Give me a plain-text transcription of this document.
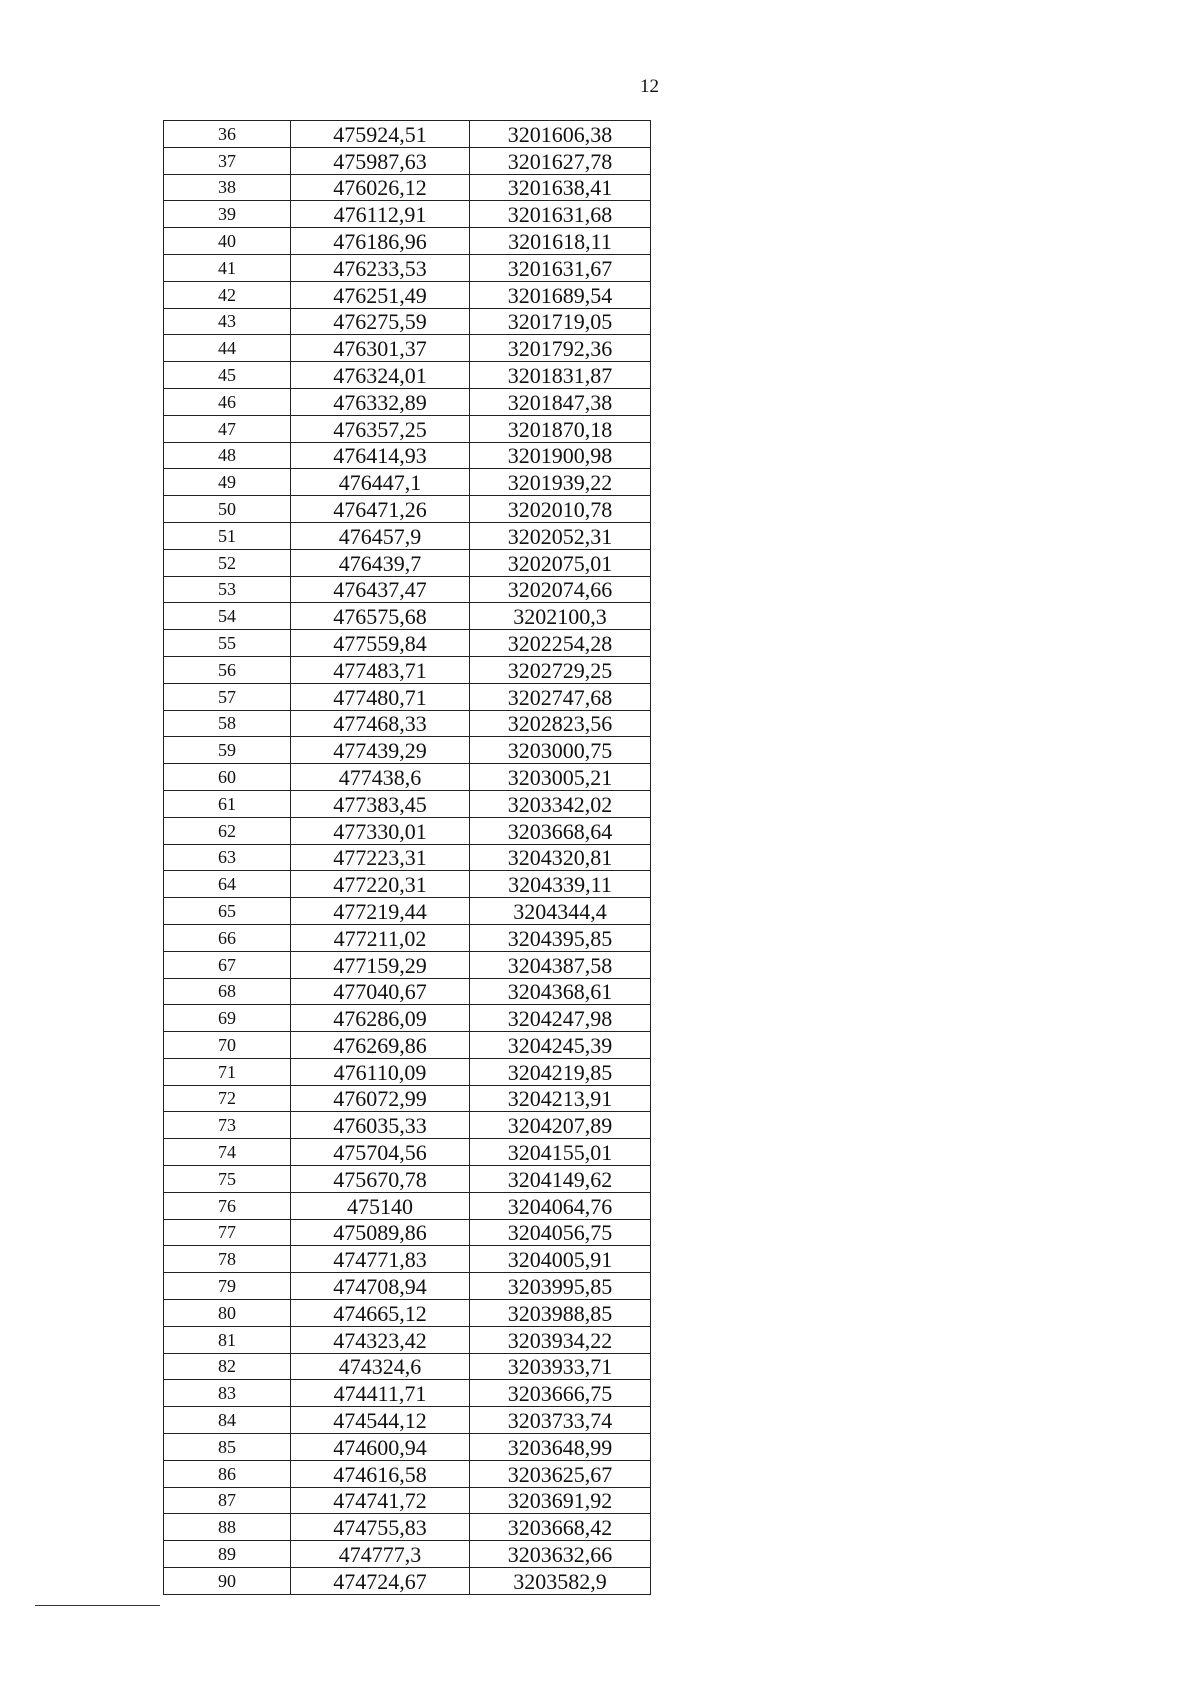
12
36	475924,51	3201606,38
37	475987,63	3201627,78
38	476026,12	3201638,41
39	476112,91	3201631,68
40	476186,96	3201618,11
41	476233,53	3201631,67
42	476251,49	3201689,54
43	476275,59	3201719,05
44	476301,37	3201792,36
45	476324,01	3201831,87
46	476332,89	3201847,38
47	476357,25	3201870,18
48	476414,93	3201900,98
49	476447,1	3201939,22
50	476471,26	3202010,78
51	476457,9	3202052,31
52	476439,7	3202075,01
53	476437,47	3202074,66
54	476575,68	3202100,3
55	477559,84	3202254,28
56	477483,71	3202729,25
57	477480,71	3202747,68
58	477468,33	3202823,56
59	477439,29	3203000,75
60	477438,6	3203005,21
61	477383,45	3203342,02
62	477330,01	3203668,64
63	477223,31	3204320,81
64	477220,31	3204339,11
65	477219,44	3204344,4
66	477211,02	3204395,85
67	477159,29	3204387,58
68	477040,67	3204368,61
69	476286,09	3204247,98
70	476269,86	3204245,39
71	476110,09	3204219,85
72	476072,99	3204213,91
73	476035,33	3204207,89
74	475704,56	3204155,01
75	475670,78	3204149,62
76	475140	3204064,76
77	475089,86	3204056,75
78	474771,83	3204005,91
79	474708,94	3203995,85
80	474665,12	3203988,85
81	474323,42	3203934,22
82	474324,6	3203933,71
83	474411,71	3203666,75
84	474544,12	3203733,74
85	474600,94	3203648,99
86	474616,58	3203625,67
87	474741,72	3203691,92
88	474755,83	3203668,42
89	474777,3	3203632,66
90	474724,67	3203582,9
